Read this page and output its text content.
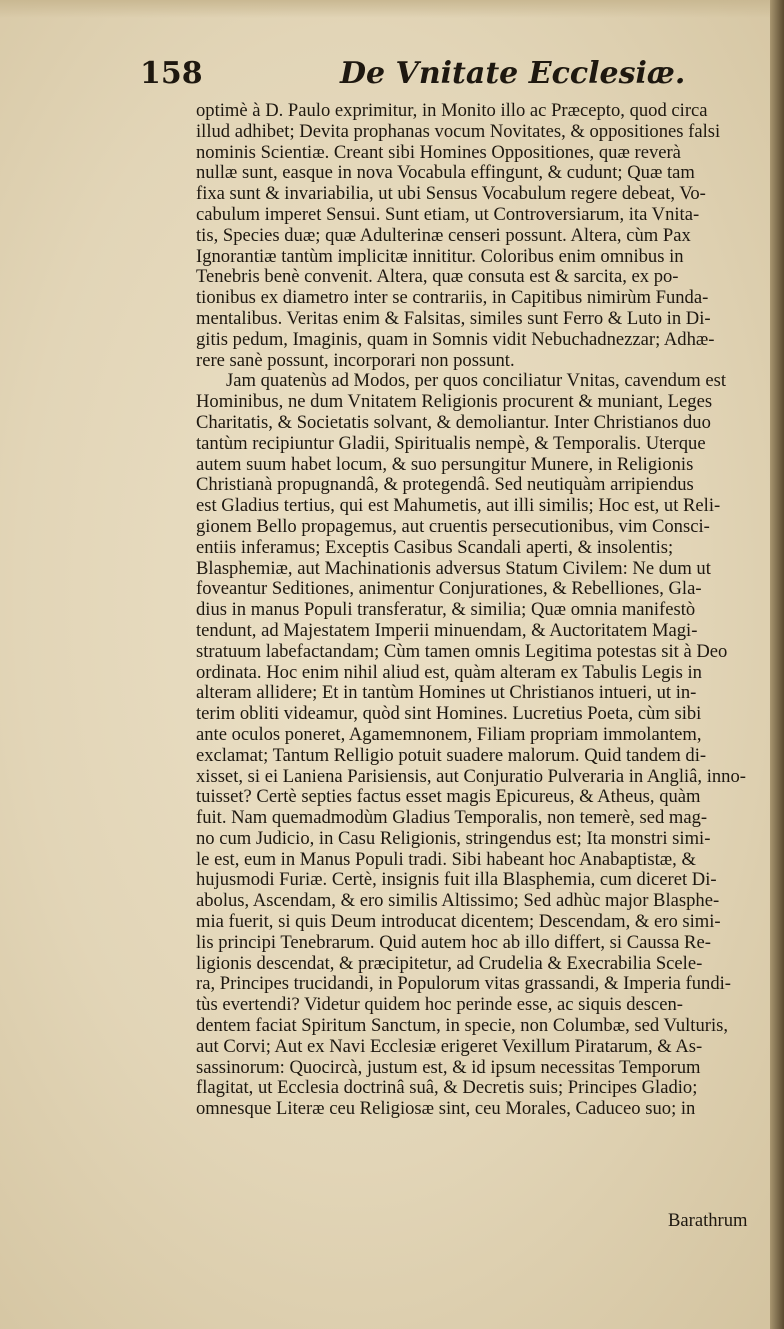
158	De Vnitate Ecclesiæ.
optimè à D. Paulo exprimitur, in Monito illo ac Præcepto, quod circa
illud adhibet; Devita prophanas vocum Novitates, & oppositiones falsi
nominis Scientiæ. Creant sibi Homines Oppositiones, quæ reverà
nullæ sunt, easque in nova Vocabula effingunt, & cudunt; Quæ tam
fixa sunt & invariabilia, ut ubi Sensus Vocabulum regere debeat, Vo-
cabulum imperet Sensui. Sunt etiam, ut Controversiarum, ita Vnita-
tis, Species duæ; quæ Adulterinæ censeri possunt. Altera, cùm Pax
Ignorantiæ tantùm implicitæ innititur. Coloribus enim omnibus in
Tenebris benè convenit. Altera, quæ consuta est & sarcita, ex po-
tionibus ex diametro inter se contrariis, in Capitibus nimirùm Funda-
mentalibus. Veritas enim & Falsitas, similes sunt Ferro & Luto in Di-
gitis pedum, Imaginis, quam in Somnis vidit Nebuchadnezzar; Adhæ-
rere sanè possunt, incorporari non possunt.
Jam quatenùs ad Modos, per quos conciliatur Vnitas, cavendum est
Hominibus, ne dum Vnitatem Religionis procurent & muniant, Leges
Charitatis, & Societatis solvant, & demoliantur. Inter Christianos duo
tantùm recipiuntur Gladii, Spiritualis nempè, & Temporalis. Uterque
autem suum habet locum, & suo persungitur Munere, in Religionis
Christianà propugnandâ, & protegendâ. Sed neutiquàm arripiendus
est Gladius tertius, qui est Mahumetis, aut illi similis; Hoc est, ut Reli-
gionem Bello propagemus, aut cruentis persecutionibus, vim Consci-
entiis inferamus; Exceptis Casibus Scandali aperti, & insolentis;
Blasphemiæ, aut Machinationis adversus Statum Civilem: Ne dum ut
foveantur Seditiones, animentur Conjurationes, & Rebelliones, Gla-
dius in manus Populi transferatur, & similia; Quæ omnia manifestò
tendunt, ad Majestatem Imperii minuendam, & Auctoritatem Magi-
stratuum labefactandam; Cùm tamen omnis Legitima potestas sit à Deo
ordinata. Hoc enim nihil aliud est, quàm alteram ex Tabulis Legis in
alteram allidere; Et in tantùm Homines ut Christianos intueri, ut in-
terim obliti videamur, quòd sint Homines. Lucretius Poeta, cùm sibi
ante oculos poneret, Agamemnonem, Filiam propriam immolantem,
exclamat; Tantum Relligio potuit suadere malorum. Quid tandem di-
xisset, si ei Laniena Parisiensis, aut Conjuratio Pulveraria in Angliâ, inno-
tuisset? Certè septies factus esset magis Epicureus, & Atheus, quàm
fuit. Nam quemadmodùm Gladius Temporalis, non temerè, sed mag-
no cum Judicio, in Casu Religionis, stringendus est; Ita monstri simi-
le est, eum in Manus Populi tradi. Sibi habeant hoc Anabaptistæ, &
hujusmodi Furiæ. Certè, insignis fuit illa Blasphemia, cum diceret Di-
abolus, Ascendam, & ero similis Altissimo; Sed adhùc major Blasphe-
mia fuerit, si quis Deum introducat dicentem; Descendam, & ero simi-
lis principi Tenebrarum. Quid autem hoc ab illo differt, si Caussa Re-
ligionis descendat, & præcipitetur, ad Crudelia & Execrabilia Scele-
ra, Principes trucidandi, in Populorum vitas grassandi, & Imperia fundi-
tùs evertendi? Videtur quidem hoc perinde esse, ac siquis descen-
dentem faciat Spiritum Sanctum, in specie, non Columbæ, sed Vulturis,
aut Corvi; Aut ex Navi Ecclesiæ erigeret Vexillum Piratarum, & As-
sassinorum: Quocircà, justum est, & id ipsum necessitas Temporum
flagitat, ut Ecclesia doctrinâ suâ, & Decretis suis; Principes Gladio;
omnesque Literæ ceu Religiosæ sint, ceu Morales, Caduceo suo; in
Barathrum
